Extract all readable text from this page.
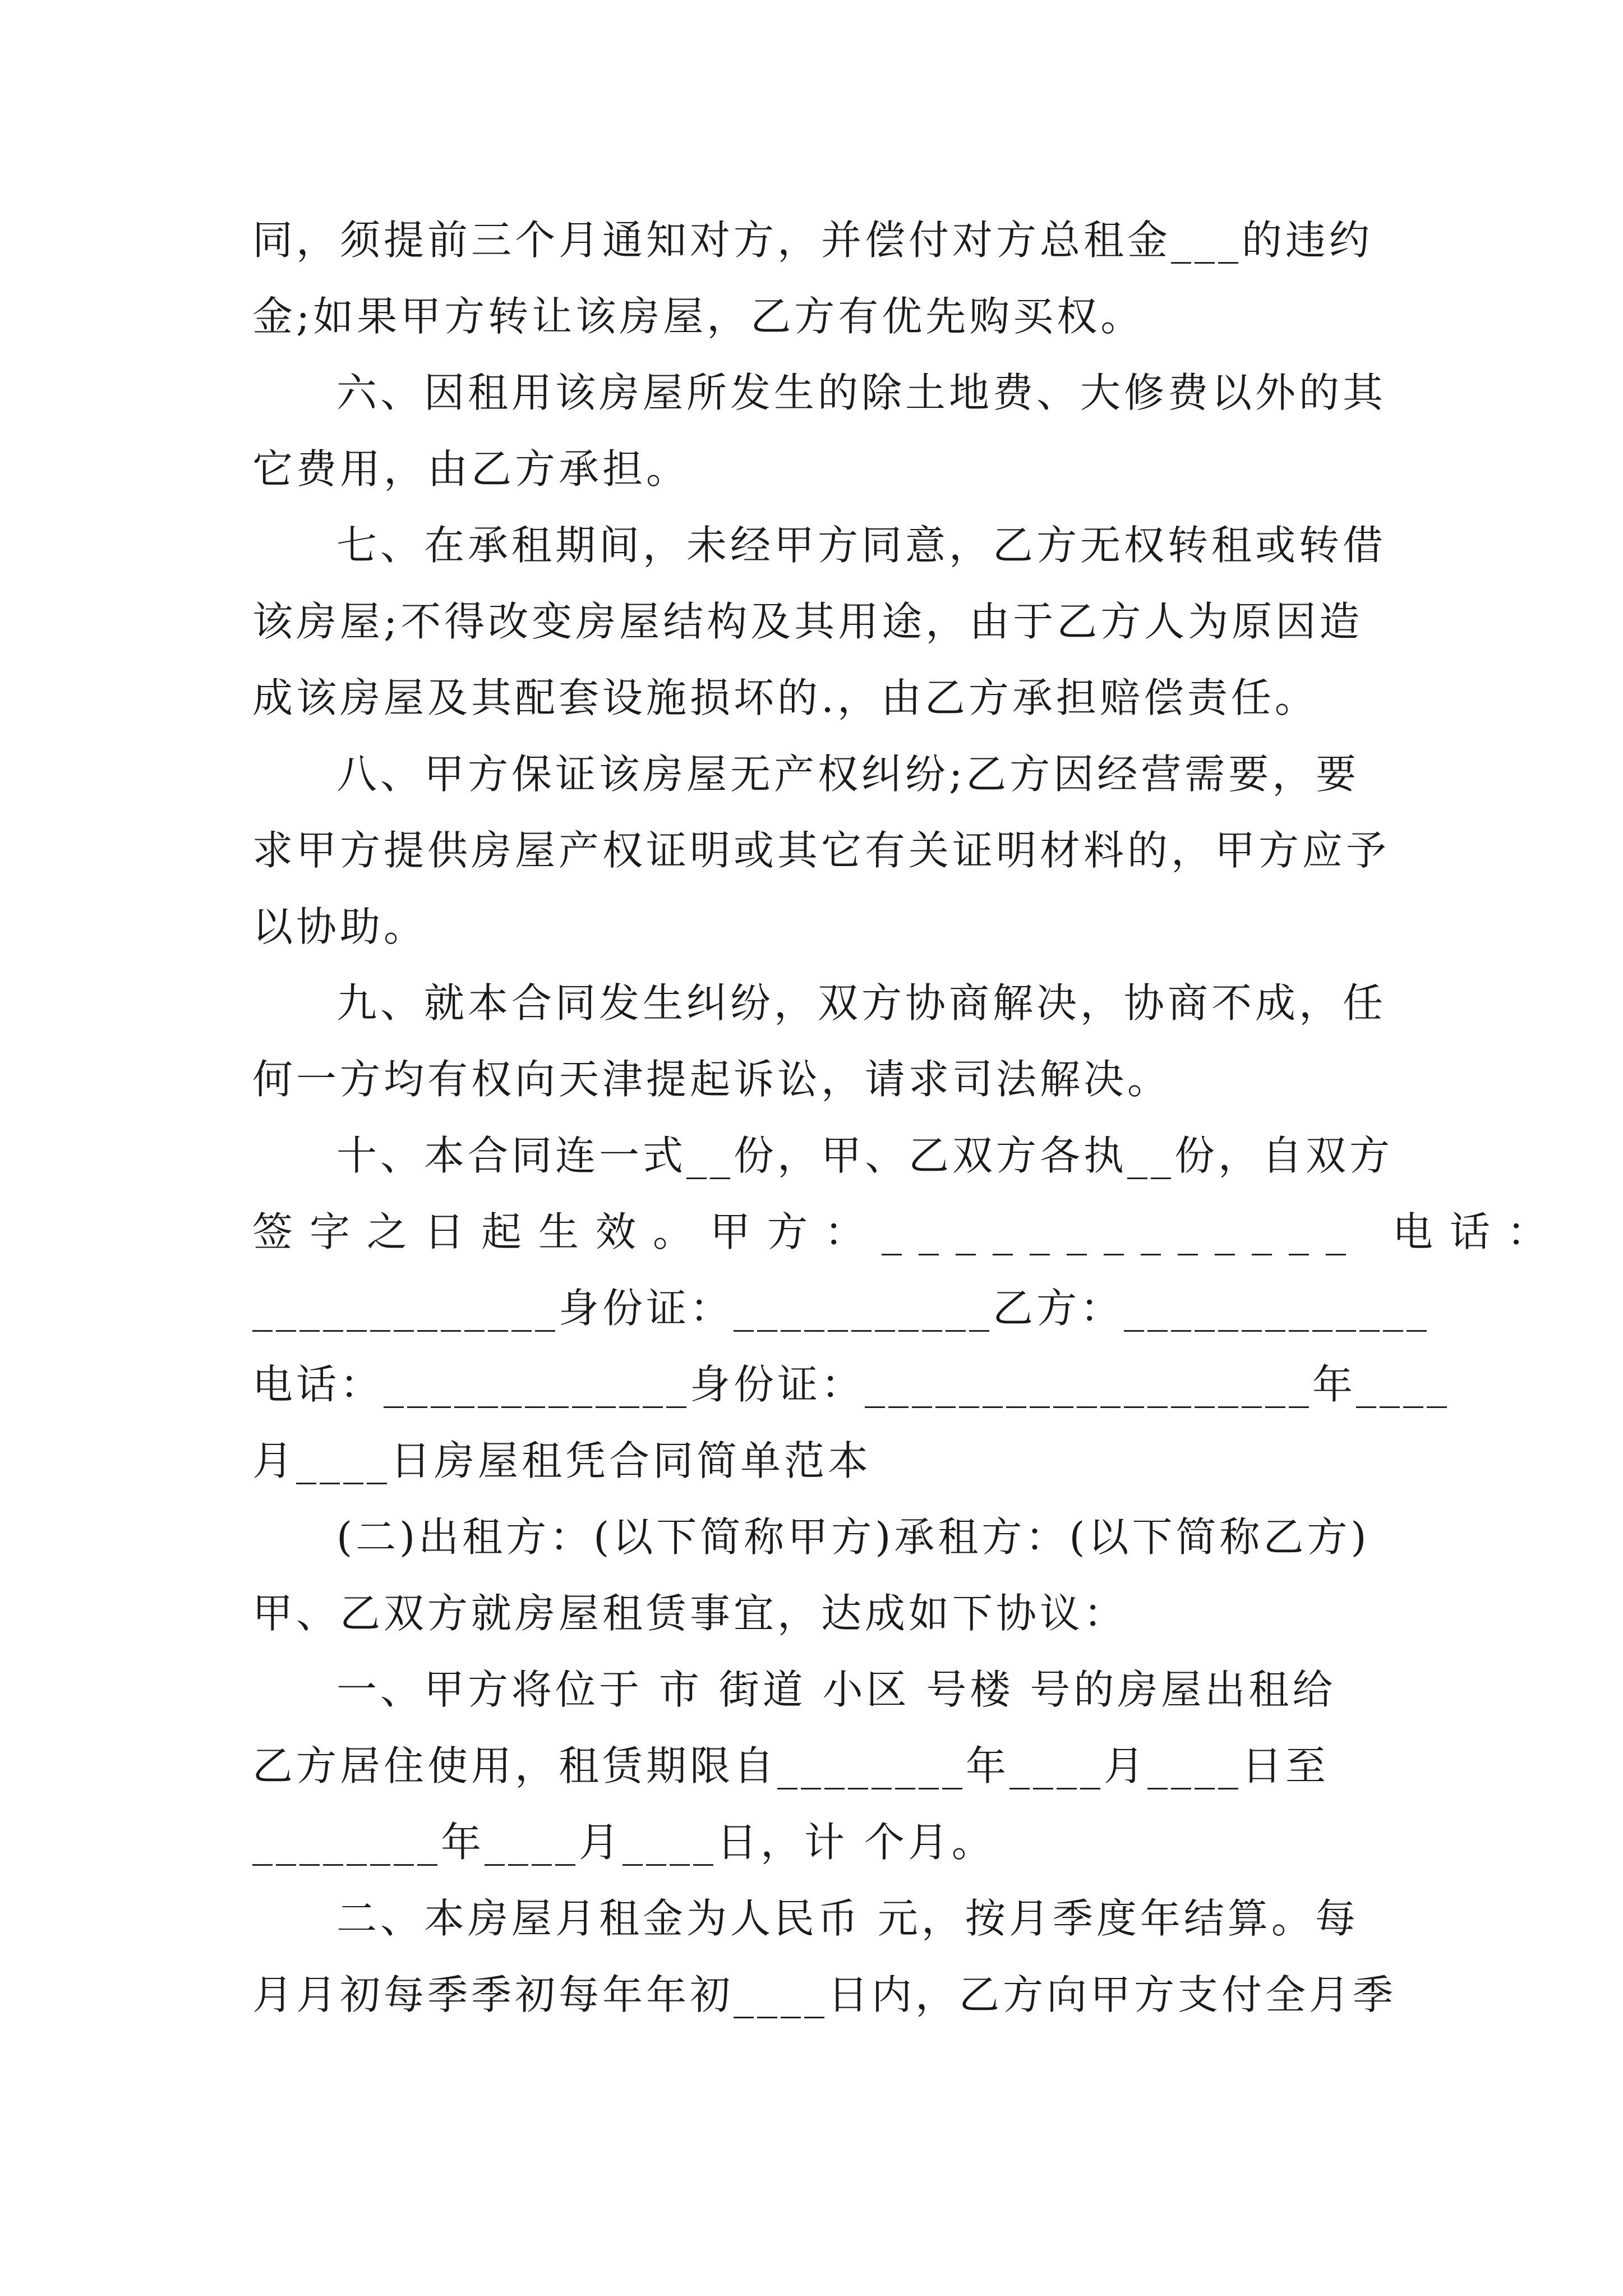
同，须提前三个月通知对方，并偿付对方总租金___的违约
金;如果甲方转让该房屋，乙方有优先购买权。
六、因租用该房屋所发生的除土地费、大修费以外的其
它费用，由乙方承担。
七、在承租期间，未经甲方同意，乙方无权转租或转借
该房屋;不得改变房屋结构及其用途，由于乙方人为原因造
成该房屋及其配套设施损坏的.，由乙方承担赔偿责任。
八、甲方保证该房屋无产权纠纷;乙方因经营需要，要
求甲方提供房屋产权证明或其它有关证明材料的，甲方应予
以协助。
九、就本合同发生纠纷，双方协商解决，协商不成，任
何一方均有权向天津提起诉讼，请求司法解决。
十、本合同连一式__份，甲、乙双方各执__份，自双方
签字之日起生效。甲方：_____________ 电话：
_____________身份证：___________乙方：_____________
电话：_____________身份证：___________________年____
月____日房屋租凭合同简单范本
(二)出租方：(以下简称甲方)承租方：(以下简称乙方)
甲、乙双方就房屋租赁事宜，达成如下协议：
一、甲方将位于 市 街道 小区 号楼 号的房屋出租给
乙方居住使用，租赁期限自________年____月____日至
________年____月____日，计 个月。
二、本房屋月租金为人民币 元，按月季度年结算。每
月月初每季季初每年年初____日内，乙方向甲方支付全月季
